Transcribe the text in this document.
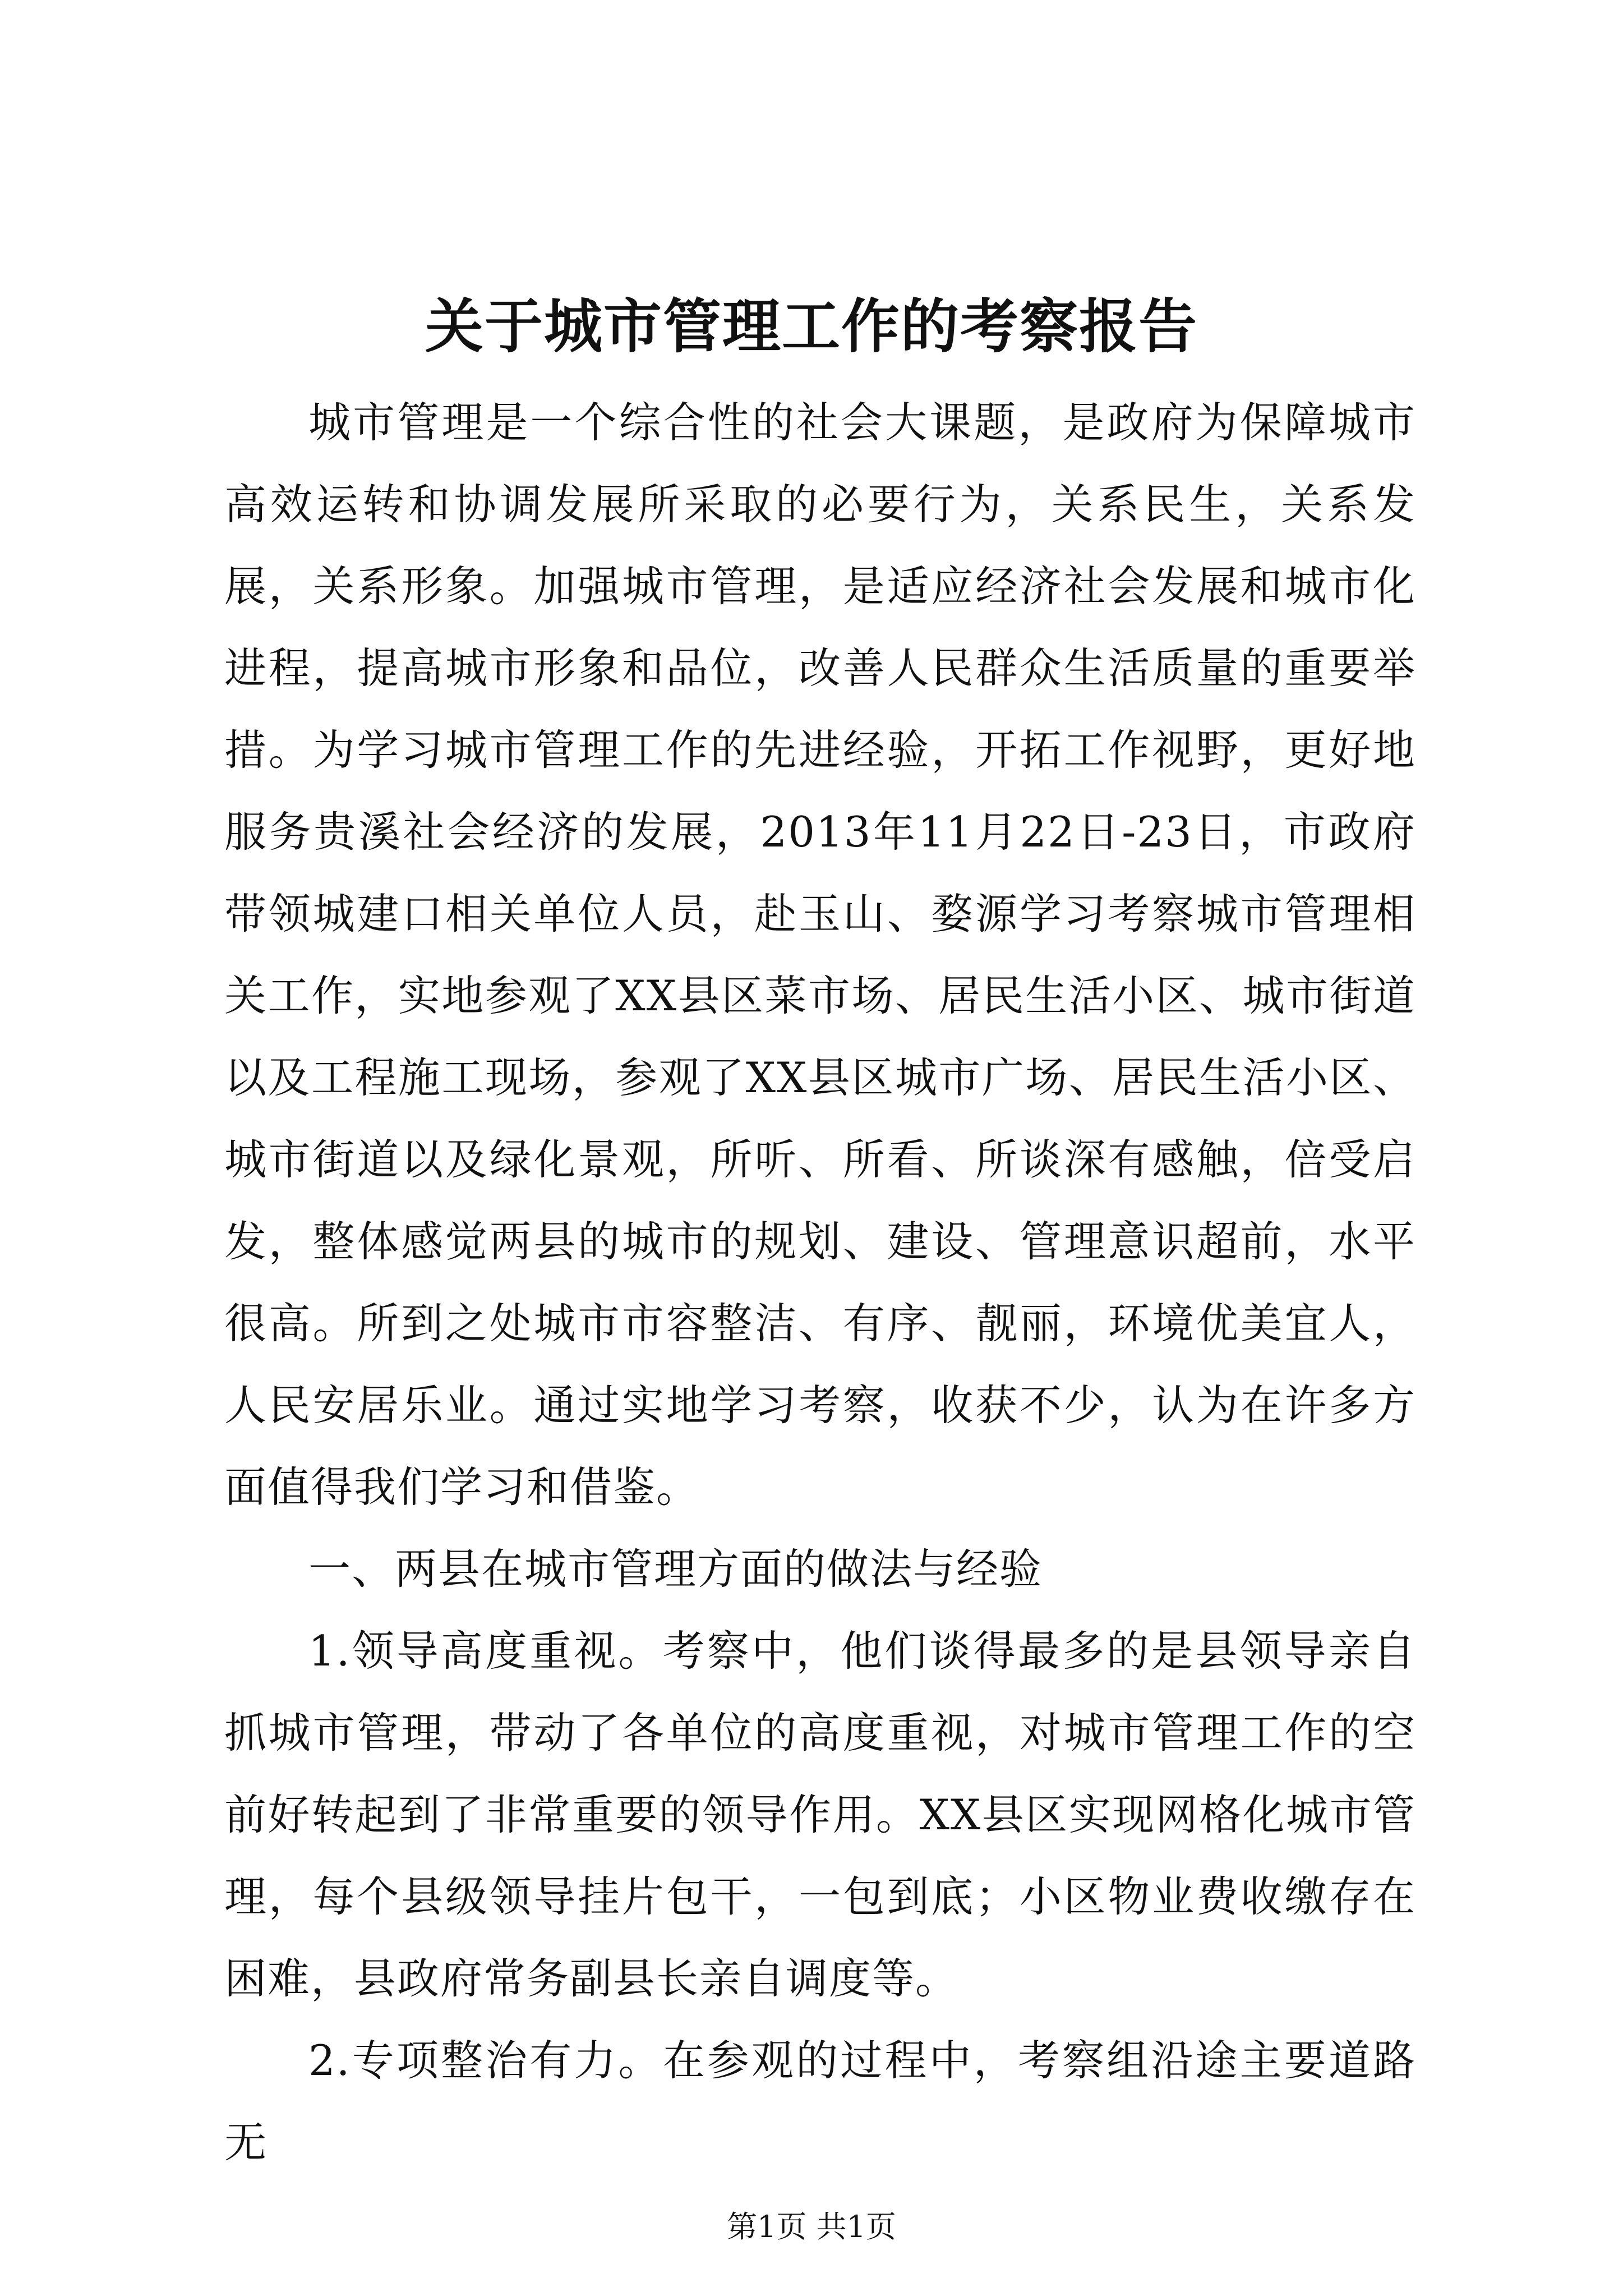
关于城市管理工作的考察报告

城市管理是一个综合性的社会大课题，是政府为保障城市高效运转和协调发展所采取的必要行为，关系民生，关系发展，关系形象。加强城市管理，是适应经济社会发展和城市化进程，提高城市形象和品位，改善人民群众生活质量的重要举措。为学习城市管理工作的先进经验，开拓工作视野，更好地服务贵溪社会经济的发展，2013年11月22日-23日，市政府带领城建口相关单位人员，赴玉山、婺源学习考察城市管理相关工作，实地参观了XX县区菜市场、居民生活小区、城市街道以及工程施工现场，参观了XX县区城市广场、居民生活小区、城市街道以及绿化景观，所听、所看、所谈深有感触，倍受启发，整体感觉两县的城市的规划、建设、管理意识超前，水平很高。所到之处城市市容整洁、有序、靓丽，环境优美宜人，人民安居乐业。通过实地学习考察，收获不少，认为在许多方面值得我们学习和借鉴。

一、两县在城市管理方面的做法与经验

1.领导高度重视。考察中，他们谈得最多的是县领导亲自抓城市管理，带动了各单位的高度重视，对城市管理工作的空前好转起到了非常重要的领导作用。XX县区实现网格化城市管理，每个县级领导挂片包干，一包到底；小区物业费收缴存在困难，县政府常务副县长亲自调度等。

2.专项整治有力。在参观的过程中，考察组沿途主要道路无

第1页 共1页
